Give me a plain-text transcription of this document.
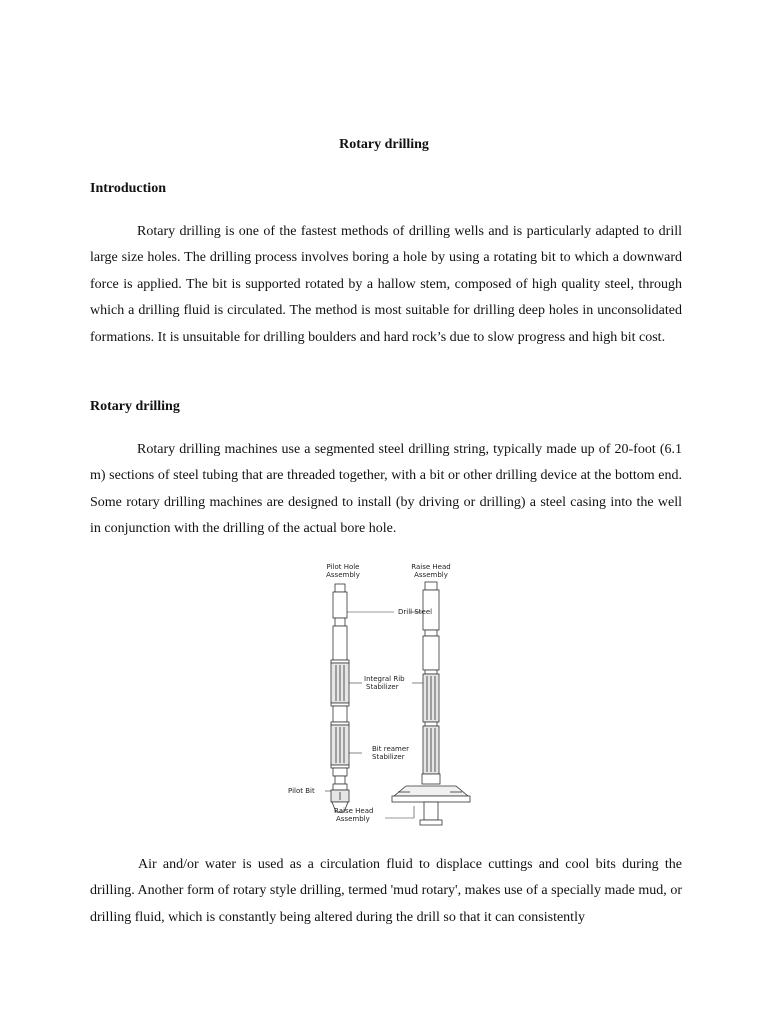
Rotary drilling
Introduction
Rotary drilling is one of the fastest methods of drilling wells and is particularly adapted to drill large size holes. The drilling process involves boring a hole by using a rotating bit to which a downward force is applied. The bit is supported rotated by a hallow stem, composed of high quality steel, through which a drilling fluid is circulated. The method is most suitable for drilling deep holes in unconsolidated formations. It is unsuitable for drilling boulders and hard rock’s due to slow progress and high bit cost.
Rotary drilling
Rotary drilling machines use a segmented steel drilling string, typically made up of 20-foot (6.1 m) sections of steel tubing that are threaded together, with a bit or other drilling device at the bottom end. Some rotary drilling machines are designed to install (by driving or drilling) a steel casing into the well in conjunction with the drilling of the actual bore hole.
Pilot Hole
Assembly
Raise Head
Assembly
Drill Steel
Integral Rib
Stabilizer
Bit reamer
Stabilizer
Pilot Bit
Raise Head
Assembly
Air and/or water is used as a circulation fluid to displace cuttings and cool bits during the drilling. Another form of rotary style drilling, termed 'mud rotary', makes use of a specially made mud, or drilling fluid, which is constantly being altered during the drill so that it can consistently
